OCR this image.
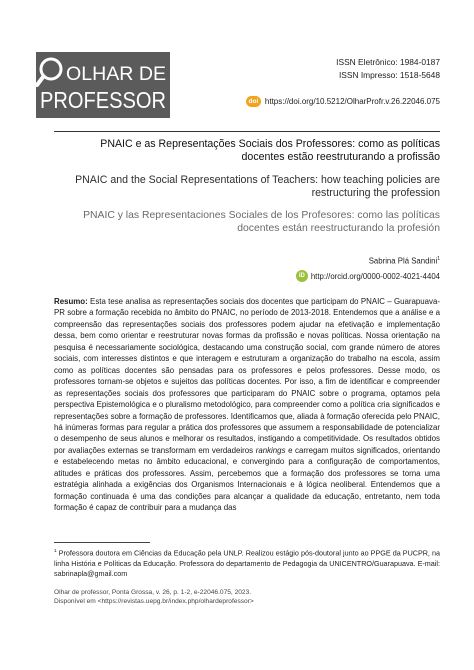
OLHAR DE
PROFESSOR
ISSN Eletrônico: 1984-0187
ISSN Impresso: 1518-5648
doi https://doi.org/10.5212/OlharProfr.v.26.22046.075
PNAIC e as Representações Sociais dos Professores: como as políticas docentes estão reestruturando a profissão
PNAIC and the Social Representations of Teachers: how teaching policies are restructuring the profession
PNAIC y las Representaciones Sociales de los Profesores: como las políticas docentes están reestructurando la profesión
Sabrina Plá Sandini$^1$
iD http://orcid.org/0000-0002-4021-4404

Resumo: Esta tese analisa as representações sociais dos docentes que participam do PNAIC – Guarapuava- PR sobre a formação recebida no âmbito do PNAIC, no período de 2013-2018. Entendemos que a análise e a compreensão das representações sociais dos professores podem ajudar na efetivação e implementação dessa, bem como orientar e reestruturar novas formas da profissão e novas políticas. Nossa orientação na pesquisa é necessariamente sociológica, destacando uma construção social, com grande número de atores sociais, com interesses distintos e que interagem e estruturam a organização do trabalho na escola, assim como as políticas docentes são pensadas para os professores e pelos professores. Desse modo, os professores tornam-se objetos e sujeitos das políticas docentes. Por isso, a fim de identificar e compreender as representações sociais dos professores que participaram do PNAIC sobre o programa, optamos pela perspectiva Epistemológica e o pluralismo metodológico, para compreender como a política cria significados e representações sobre a formação de professores. Identificamos que, aliada à formação oferecida pelo PNAIC, há inúmeras formas para regular a prática dos professores que assumem a responsabilidade de potencializar o desempenho de seus alunos e melhorar os resultados, instigando a competitividade. Os resultados obtidos por avaliações externas se transformam em verdadeiros rankings e carregam muitos significados, orientando e estabelecendo metas no âmbito educacional, e convergindo para a configuração de comportamentos, atitudes e práticas dos professores. Assim, percebemos que a formação dos professores se torna uma estratégia alinhada a exigências dos Organismos Internacionais e à lógica neoliberal. Entendemos que a formação continuada é uma das condições para alcançar a qualidade da educação, entretanto, nem toda formação é capaz de contribuir para a mudança das

$^1$ Professora doutora em Ciências da Educação pela UNLP. Realizou estágio pós-doutoral junto ao PPGE da PUCPR, na linha História e Políticas da Educação. Professora do departamento de Pedagogia da UNICENTRO/Guarapuava. E-mail: sabrinapla@gmail.com

Olhar de professor, Ponta Grossa, v. 26, p. 1-2, e-22046.075, 2023.
Disponível em <https://revistas.uepg.br/index.php/olhardeprofessor>
